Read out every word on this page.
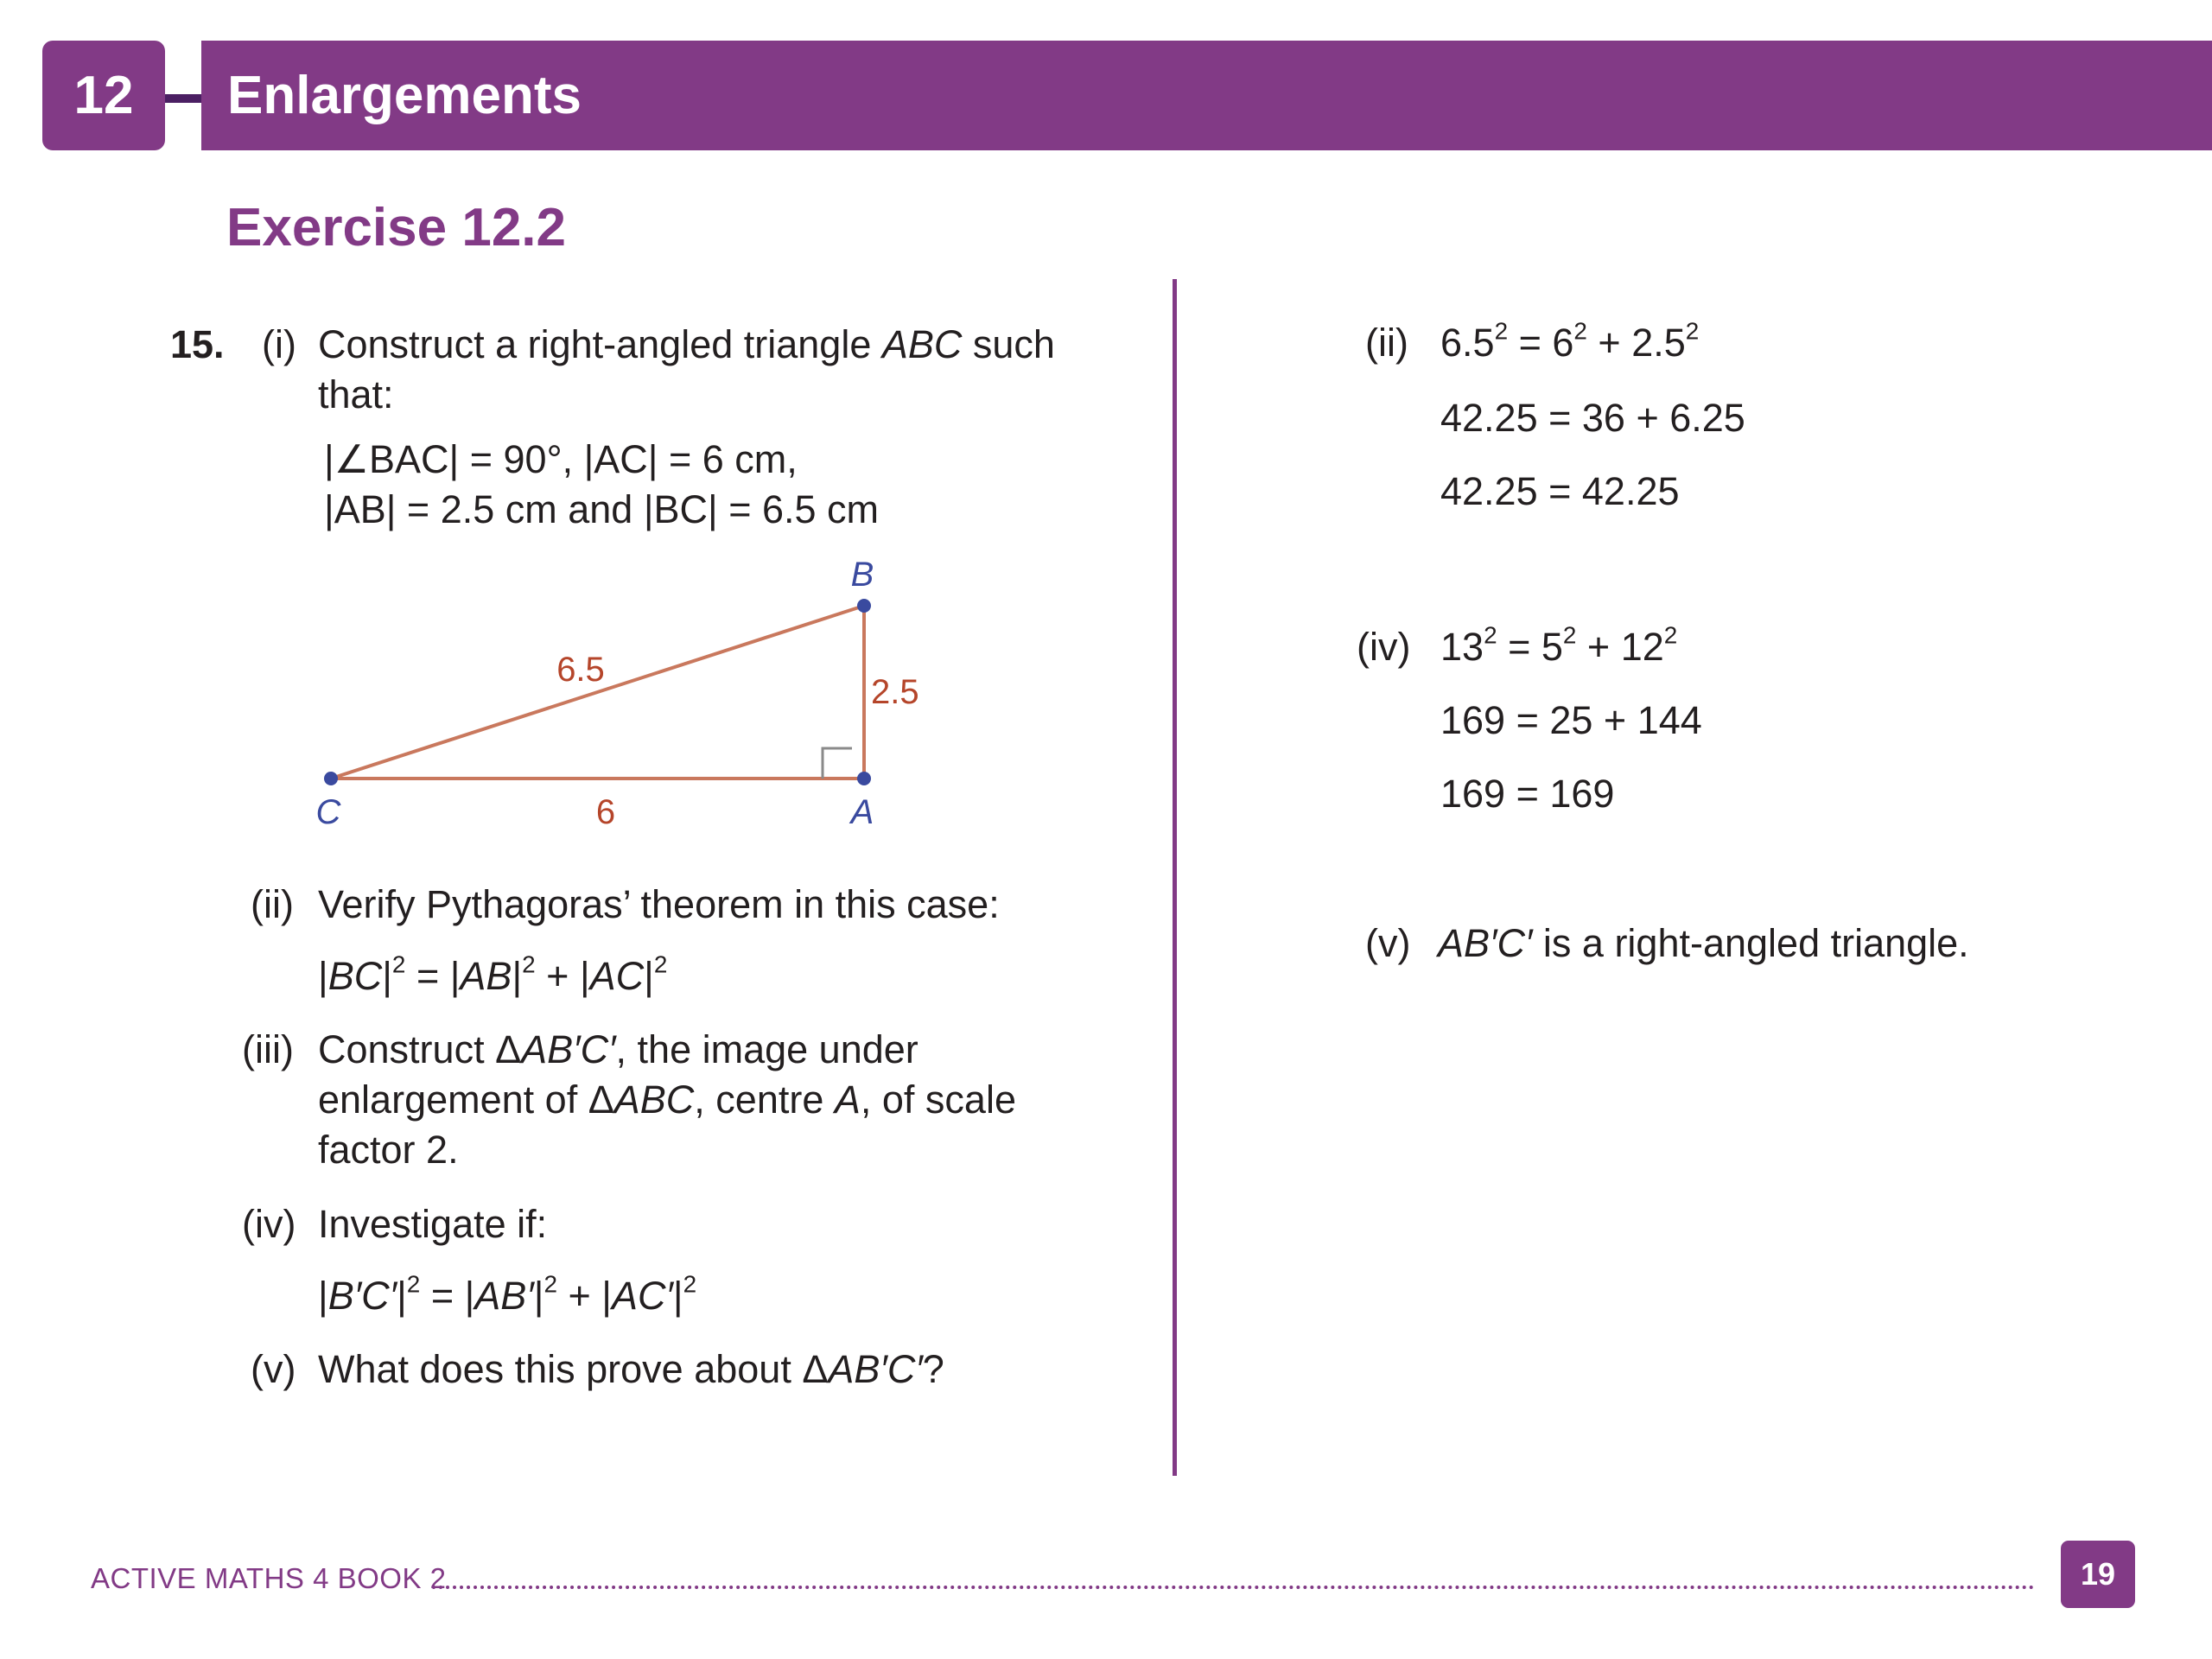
12 Enlargements
Exercise 12.2
15. (i) Construct a right-angled triangle ABC such
that:
|∠BAC| = 90°, |AC| = 6 cm,
|AB| = 2.5 cm and |BC| = 6.5 cm
B
C	A
6.5
2.5
6
(ii) Verify Pythagoras’ theorem in this case:
$|BC|^2 = |AB|^2 + |AC|^2$
(iii) Construct ΔAB′C′, the image under
enlargement of ΔABC, centre A, of scale
factor 2.
(iv) Investigate if:
$|B'C'|^2 = |AB'|^2 + |AC'|^2$
(v) What does this prove about ΔAB′C′?
(ii) $6.5^2 = 6^2 + 2.5^2$
42.25 = 36 + 6.25
42.25 = 42.25
(iv) $13^2 = 5^2 + 12^2$
169 = 25 + 144
169 = 169
(v) AB′C′ is a right-angled triangle.
ACTIVE MATHS 4 BOOK 2	19
